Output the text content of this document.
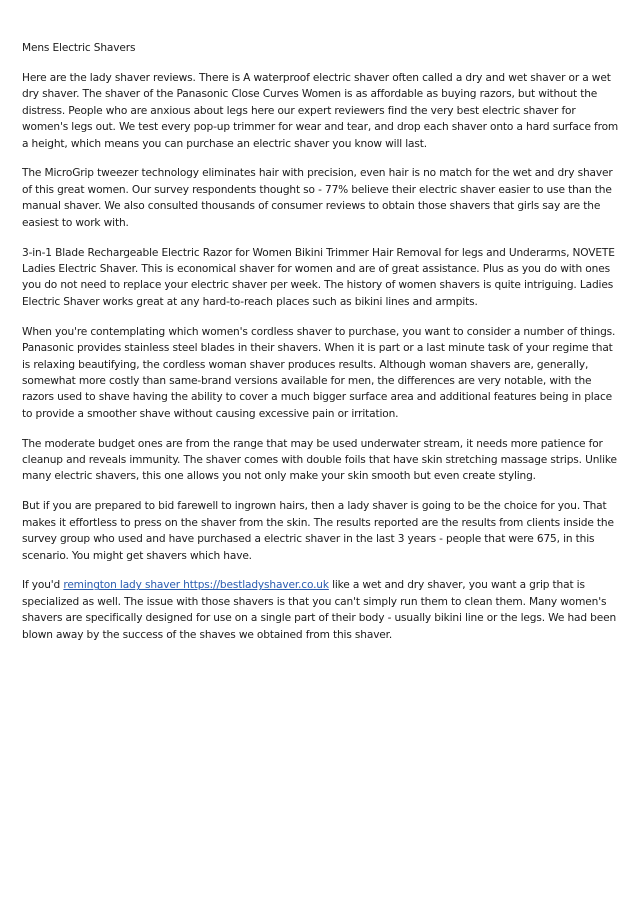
Mens Electric Shavers

Here are the lady shaver reviews. There is A waterproof electric shaver often called a dry and wet shaver or a wet dry shaver. The shaver of the Panasonic Close Curves Women is as affordable as buying razors, but without the distress. People who are anxious about legs here our expert reviewers find the very best electric shaver for women's legs out. We test every pop-up trimmer for wear and tear, and drop each shaver onto a hard surface from a height, which means you can purchase an electric shaver you know will last.

The MicroGrip tweezer technology eliminates hair with precision, even hair is no match for the wet and dry shaver of this great women. Our survey respondents thought so - 77% believe their electric shaver easier to use than the manual shaver. We also consulted thousands of consumer reviews to obtain those shavers that girls say are the easiest to work with.

3-in-1 Blade Rechargeable Electric Razor for Women Bikini Trimmer Hair Removal for legs and Underarms, NOVETE Ladies Electric Shaver. This is economical shaver for women and are of great assistance. Plus as you do with ones you do not need to replace your electric shaver per week. The history of women shavers is quite intriguing. Ladies Electric Shaver works great at any hard-to-reach places such as bikini lines and armpits.

When you're contemplating which women's cordless shaver to purchase, you want to consider a number of things. Panasonic provides stainless steel blades in their shavers. When it is part or a last minute task of your regime that is relaxing beautifying, the cordless woman shaver produces results. Although woman shavers are, generally, somewhat more costly than same-brand versions available for men, the differences are very notable, with the razors used to shave having the ability to cover a much bigger surface area and additional features being in place to provide a smoother shave without causing excessive pain or irritation.

The moderate budget ones are from the range that may be used underwater stream, it needs more patience for cleanup and reveals immunity. The shaver comes with double foils that have skin stretching massage strips. Unlike many electric shavers, this one allows you not only make your skin smooth but even create styling.

But if you are prepared to bid farewell to ingrown hairs, then a lady shaver is going to be the choice for you. That makes it effortless to press on the shaver from the skin. The results reported are the results from clients inside the survey group who used and have purchased a electric shaver in the last 3 years - people that were 675, in this scenario. You might get shavers which have.

If you'd remington lady shaver https://bestladyshaver.co.uk like a wet and dry shaver, you want a grip that is specialized as well. The issue with those shavers is that you can't simply run them to clean them. Many women's shavers are specifically designed for use on a single part of their body - usually bikini line or the legs. We had been blown away by the success of the shaves we obtained from this shaver.
